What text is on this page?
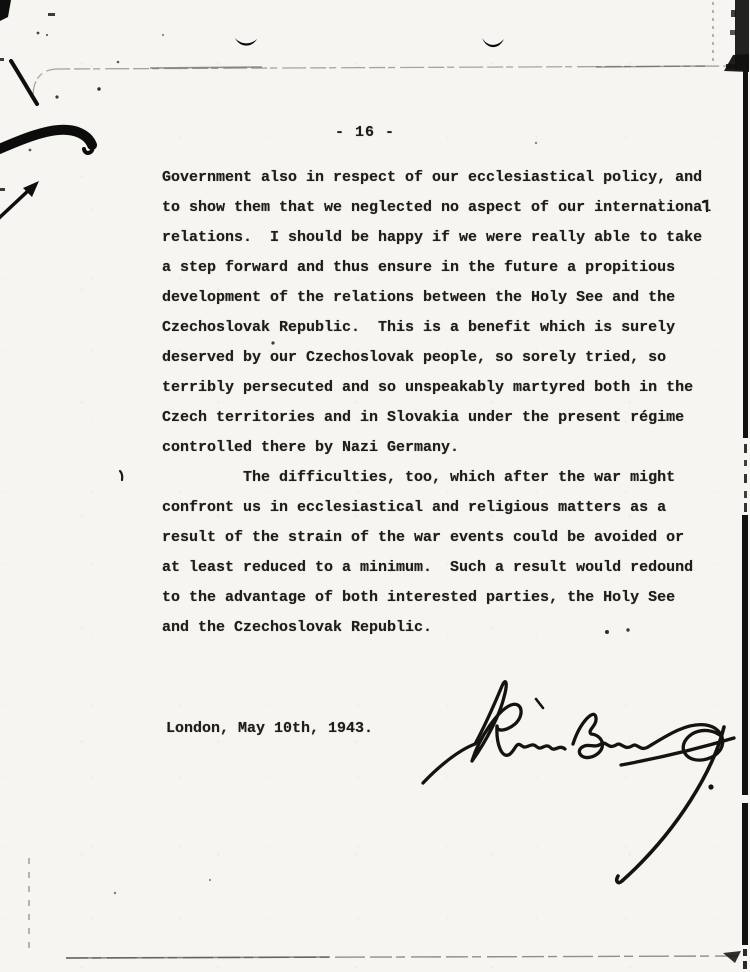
- 16 -
Government also in respect of our ecclesiastical policy, and
to show them that we neglected no aspect of our international
relations.  I should be happy if we were really able to take
a step forward and thus ensure in the future a propitious
development of the relations between the Holy See and the
Czechoslovak Republic.  This is a benefit which is surely
deserved by our Czechoslovak people, so sorely tried, so
terribly persecuted and so unspeakably martyred both in the
Czech territories and in Slovakia under the present régime
controlled there by Nazi Germany.
The difficulties, too, which after the war might
confront us in ecclesiastical and religious matters as a
result of the strain of the war events could be avoided or
at least reduced to a minimum.  Such a result would redound
to the advantage of both interested parties, the Holy See
and the Czechoslovak Republic.
London, May 10th, 1943.
